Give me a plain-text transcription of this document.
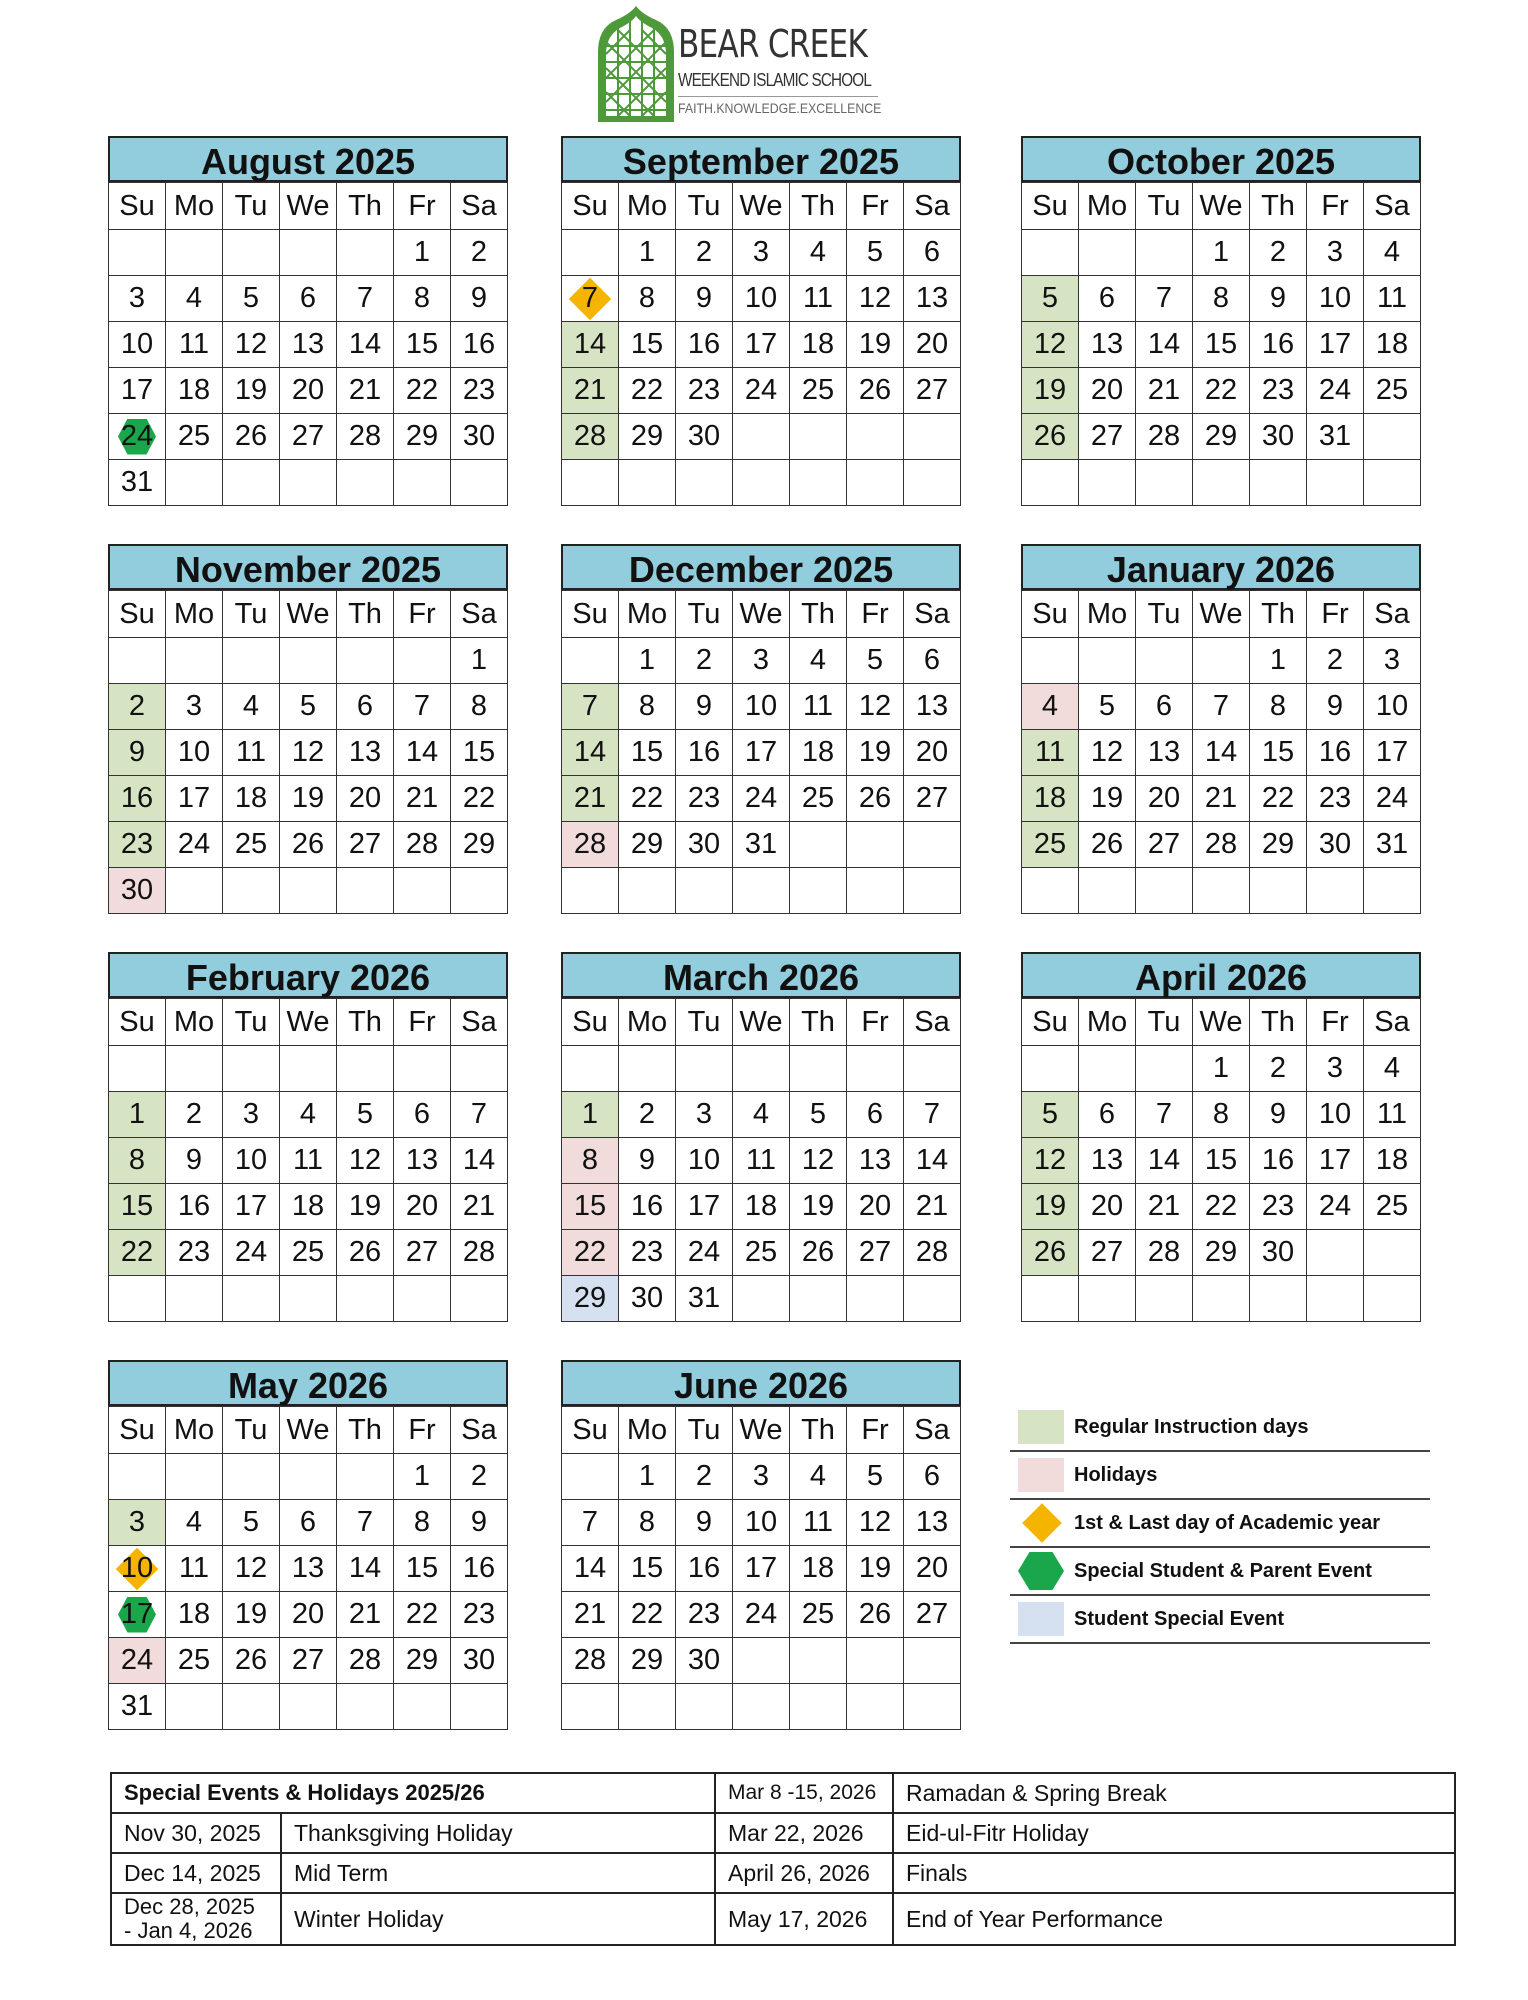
BEAR CREEK
WEEKEND ISLAMIC SCHOOL
FAITH.KNOWLEDGE.EXCELLENCE
August 2025
Su	Mo	Tu	We	Th	Fr	Sa
					1	2
3	4	5	6	7	8	9
10	11	12	13	14	15	16
17	18	19	20	21	22	23

24	25	26	27	28	29	30
31						
September 2025
Su	Mo	Tu	We	Th	Fr	Sa
	1	2	3	4	5	6

7	8	9	10	11	12	13
14	15	16	17	18	19	20
21	22	23	24	25	26	27
28	29	30				

October 2025
Su	Mo	Tu	We	Th	Fr	Sa
			1	2	3	4
5	6	7	8	9	10	11
12	13	14	15	16	17	18
19	20	21	22	23	24	25
26	27	28	29	30	31	

November 2025
Su	Mo	Tu	We	Th	Fr	Sa
						1
2	3	4	5	6	7	8
9	10	11	12	13	14	15
16	17	18	19	20	21	22
23	24	25	26	27	28	29
30						
December 2025
Su	Mo	Tu	We	Th	Fr	Sa
	1	2	3	4	5	6
7	8	9	10	11	12	13
14	15	16	17	18	19	20
21	22	23	24	25	26	27
28	29	30	31			

January 2026
Su	Mo	Tu	We	Th	Fr	Sa
				1	2	3
4	5	6	7	8	9	10
11	12	13	14	15	16	17
18	19	20	21	22	23	24
25	26	27	28	29	30	31

February 2026
Su	Mo	Tu	We	Th	Fr	Sa

1	2	3	4	5	6	7
8	9	10	11	12	13	14
15	16	17	18	19	20	21
22	23	24	25	26	27	28

March 2026
Su	Mo	Tu	We	Th	Fr	Sa

1	2	3	4	5	6	7
8	9	10	11	12	13	14
15	16	17	18	19	20	21
22	23	24	25	26	27	28
29	30	31				
April 2026
Su	Mo	Tu	We	Th	Fr	Sa
			1	2	3	4
5	6	7	8	9	10	11
12	13	14	15	16	17	18
19	20	21	22	23	24	25
26	27	28	29	30		

May 2026
Su	Mo	Tu	We	Th	Fr	Sa
					1	2
3	4	5	6	7	8	9

10	11	12	13	14	15	16

17	18	19	20	21	22	23
24	25	26	27	28	29	30
31						
June 2026
Su	Mo	Tu	We	Th	Fr	Sa
	1	2	3	4	5	6
7	8	9	10	11	12	13
14	15	16	17	18	19	20
21	22	23	24	25	26	27
28	29	30				

Regular Instruction days
Holidays
1st & Last day of Academic year
Special Student & Parent Event
Student Special Event
Special Events & Holidays 2025/26		Mar 8 -15, 2026	Ramadan & Spring Break
Nov 30, 2025	Thanksgiving Holiday	Mar 22, 2026	Eid-ul-Fitr Holiday
Dec 14, 2025	Mid Term	April 26, 2026	Finals
Dec 28, 2025 - Jan 4, 2026	Winter Holiday	May 17, 2026	End of Year Performance
